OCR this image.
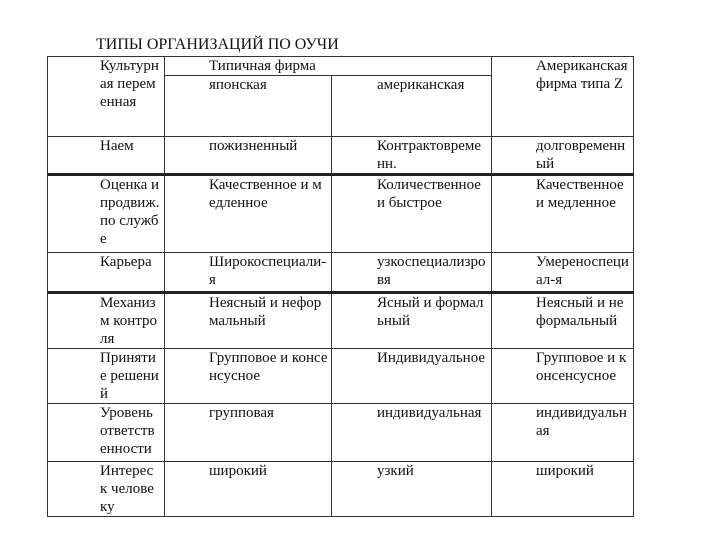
ТИПЫ ОРГАНИЗАЦИЙ ПО ОУЧИ
Культурная переменная	Типичная фирма		Американская фирма типа Z
	японская	американская	
Наем	пожизненный	Контрактовременн.	долговременный
Оценка и продвиж. по службе	Качественное и медленное	Количественное и быстрое	Качественное и медленное
Карьера	Широкоспециали-я	узкоспециализровя	Умереноспециал-я
Механизм контроля	Неясный и неформальный	Ясный и формальный	Неясный и неформальный
Принятие решений	Групповое и консенсусное	Индивидуальное	Групповое и консенсусное
Уровень ответственности	групповая	индивидуальная	индивидуальная
Интерес к человеку	широкий	узкий	широкий
